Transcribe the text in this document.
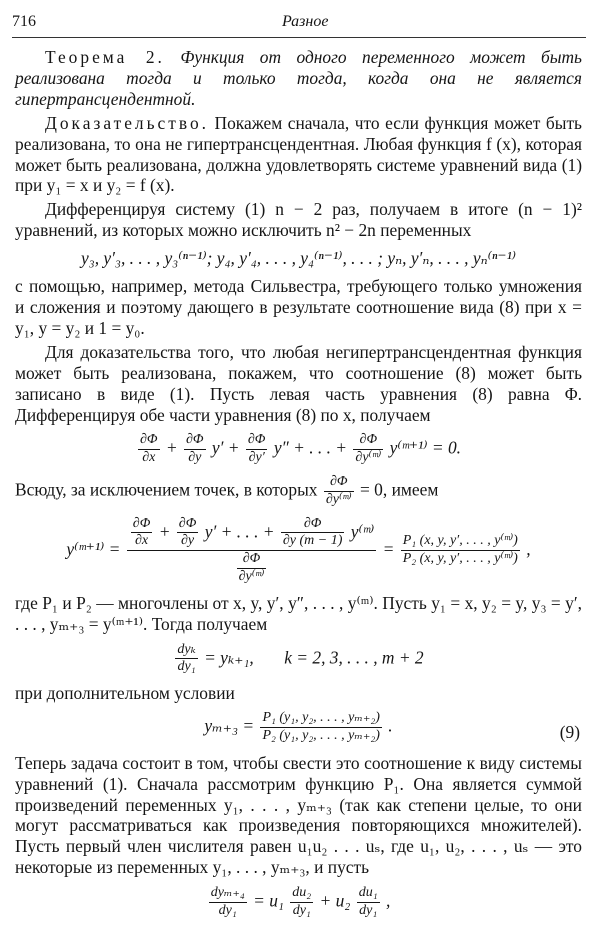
716	Разное

Теорема 2. Функция от одного переменного может быть реализована тогда и только тогда, когда она не является гипертрансцендентной.

Доказательство. Покажем сначала, что если функция может быть реализована, то она не гипертрансцендентная. Любая функция f (x), которая может быть реализована, должна удовлетворять системе уравнений вида (1) при y₁ = x и y₂ = f (x).

Дифференцируя систему (1) n − 2 раз, получаем в итоге (n − 1)² уравнений, из которых можно исключить n² − 2n переменных

y₃, y′₃, . . . , y₃⁽ⁿ⁻¹⁾; y₄, y′₄, . . . , y₄⁽ⁿ⁻¹⁾, . . . ; yₙ, y′ₙ, . . . , yₙ⁽ⁿ⁻¹⁾

с помощью, например, метода Сильвестра, требующего только умножения и сложения и поэтому дающего в результате соотношение вида (8) при x = y₁, y = y₂ и 1 = y₀.

Для доказательства того, что любая негипертрансцендентная функция может быть реализована, покажем, что соотношение (8) может быть записано в виде (1). Пусть левая часть уравнения (8) равна Φ. Дифференцируя обе части уравнения (8) по x, получаем

$\frac{\partial\Phi}{\partial x} + \frac{\partial\Phi}{\partial y} y' + \frac{\partial\Phi}{\partial y'} y''$ + . . . + $\frac{\partial\Phi}{\text{∂y⁽ᵐ⁾}}$ y⁽ᵐ⁺¹⁾ = 0.

Всюду, за исключением точек, в которых $\frac{\partial\Phi}{\text{∂y⁽ᵐ⁾}} = 0$, имеем

y⁽ᵐ⁺¹⁾ = $\frac{\partial\Phi}{\partial x} + \frac{\partial\Phi}{\partial y} y'$ + . . . + $\frac{\partial\Phi}{\partial y (m - 1)}$ y⁽ᵐ⁾
$\frac{\partial\Phi}{\text{∂y⁽ᵐ⁾}}$
= $\frac{\text{P₁ (x, y, y′, . . . , y⁽ᵐ⁾)}}{\text{P₂ (x, y, y′, . . . , y⁽ᵐ⁾)}}$ ,

где P₁ и P₂ — многочлены от x, y, y′, y″, . . . , y⁽ᵐ⁾. Пусть y₁ = x, y₂ = y, y₃ = y′, . . . , yₘ₊₃ = y⁽ᵐ⁺¹⁾. Тогда получаем

$\frac{\text{dyₖ}}{\text{dy₁}} = y_{k+1}$, k = 2, 3, . . . , m + 2

при дополнительном условии

$y_{m+3} = \frac{\text{P₁ (y₁, y₂, . . . , yₘ₊₂)}}{\text{P₂ (y₁, y₂, . . . , yₘ₊₂)}}$ .	(9)

Теперь задача состоит в том, чтобы свести это соотношение к виду системы уравнений (1). Сначала рассмотрим функцию P₁. Она является суммой произведений переменных y₁, . . . , yₘ₊₃ (так как степени целые, то они могут рассматриваться как произведения повторяющихся множителей). Пусть первый член числителя равен u₁u₂ . . . uₛ, где u₁, u₂, . . . , uₛ — это некоторые из переменных y₁, . . . , yₘ₊₃, и пусть

$\frac{\text{dyₘ₊₄}}{\text{dy₁}} = u_1 \frac{\text{du₂}}{\text{dy₁}} + u_2 \frac{\text{du₁}}{\text{dy₁}}$ ,
